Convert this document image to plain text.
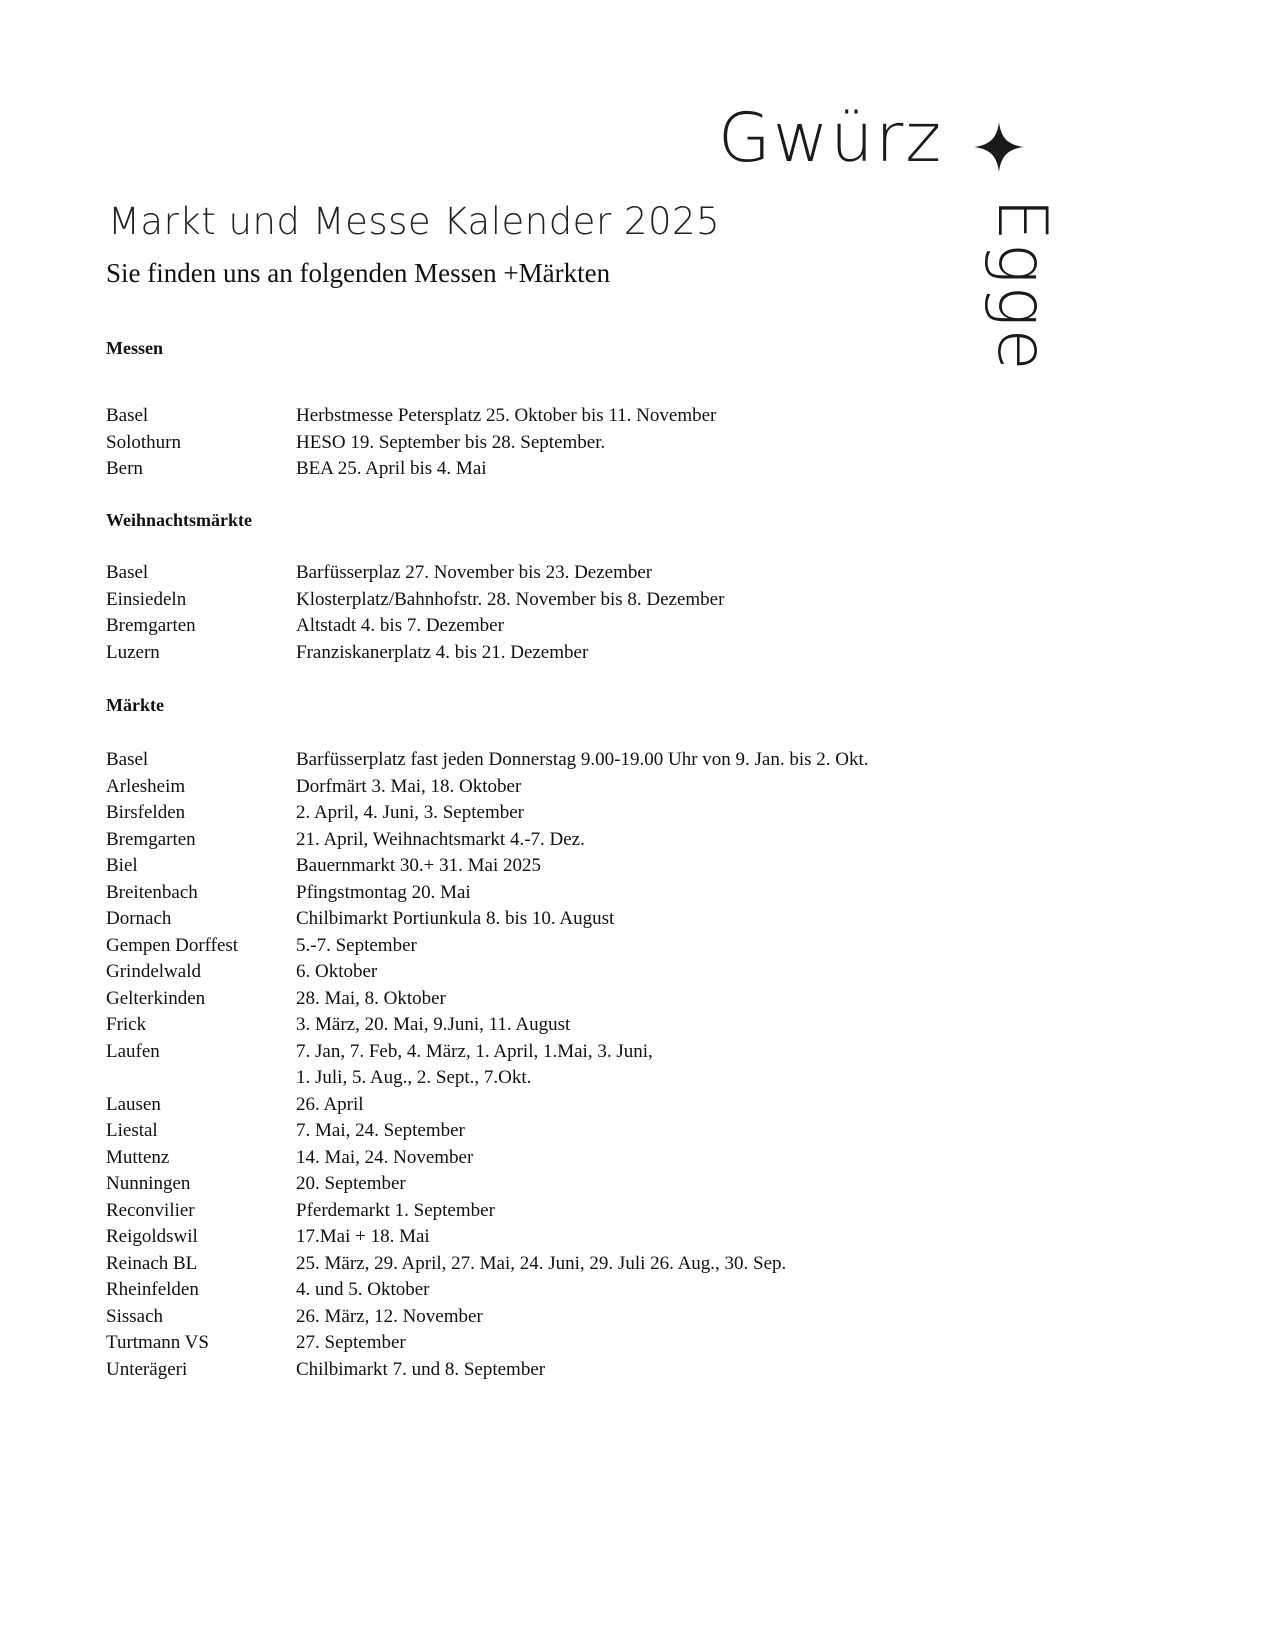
Gwürz
Egge
Markt und Messe Kalender 2025
Sie finden uns an folgenden Messen +Märkten
Messen
Basel	Herbstmesse Petersplatz 25. Oktober bis 11. November
Solothurn	HESO 19. September bis 28. September.
Bern	BEA 25. April bis 4. Mai
Weihnachtsmärkte
Basel	Barfüsserplaz 27. November bis 23. Dezember
Einsiedeln	Klosterplatz/Bahnhofstr. 28. November bis 8. Dezember
Bremgarten	Altstadt 4. bis 7. Dezember
Luzern	Franziskanerplatz 4. bis 21. Dezember
Märkte
Basel	Barfüsserplatz fast jeden Donnerstag 9.00-19.00 Uhr von 9. Jan. bis 2. Okt.
Arlesheim	Dorfmärt 3. Mai, 18. Oktober
Birsfelden	2. April, 4. Juni, 3. September
Bremgarten	21. April, Weihnachtsmarkt 4.-7. Dez.
Biel	Bauernmarkt 30.+ 31. Mai 2025
Breitenbach	Pfingstmontag 20. Mai
Dornach	Chilbimarkt Portiunkula 8. bis 10. August
Gempen Dorffest	5.-7. September
Grindelwald	6. Oktober
Gelterkinden	28. Mai, 8. Oktober
Frick	3. März, 20. Mai, 9.Juni, 11. August
Laufen	7. Jan, 7. Feb, 4. März, 1. April, 1.Mai, 3. Juni,
1. Juli, 5. Aug., 2. Sept., 7.Okt.
Lausen	26. April
Liestal	7. Mai, 24. September
Muttenz	14. Mai, 24. November
Nunningen	20. September
Reconvilier	Pferdemarkt 1. September
Reigoldswil	17.Mai + 18. Mai
Reinach BL	25. März, 29. April, 27. Mai, 24. Juni, 29. Juli 26. Aug., 30. Sep.
Rheinfelden	4. und 5. Oktober
Sissach	26. März, 12. November
Turtmann VS	27. September
Unterägeri	Chilbimarkt 7. und 8. September
